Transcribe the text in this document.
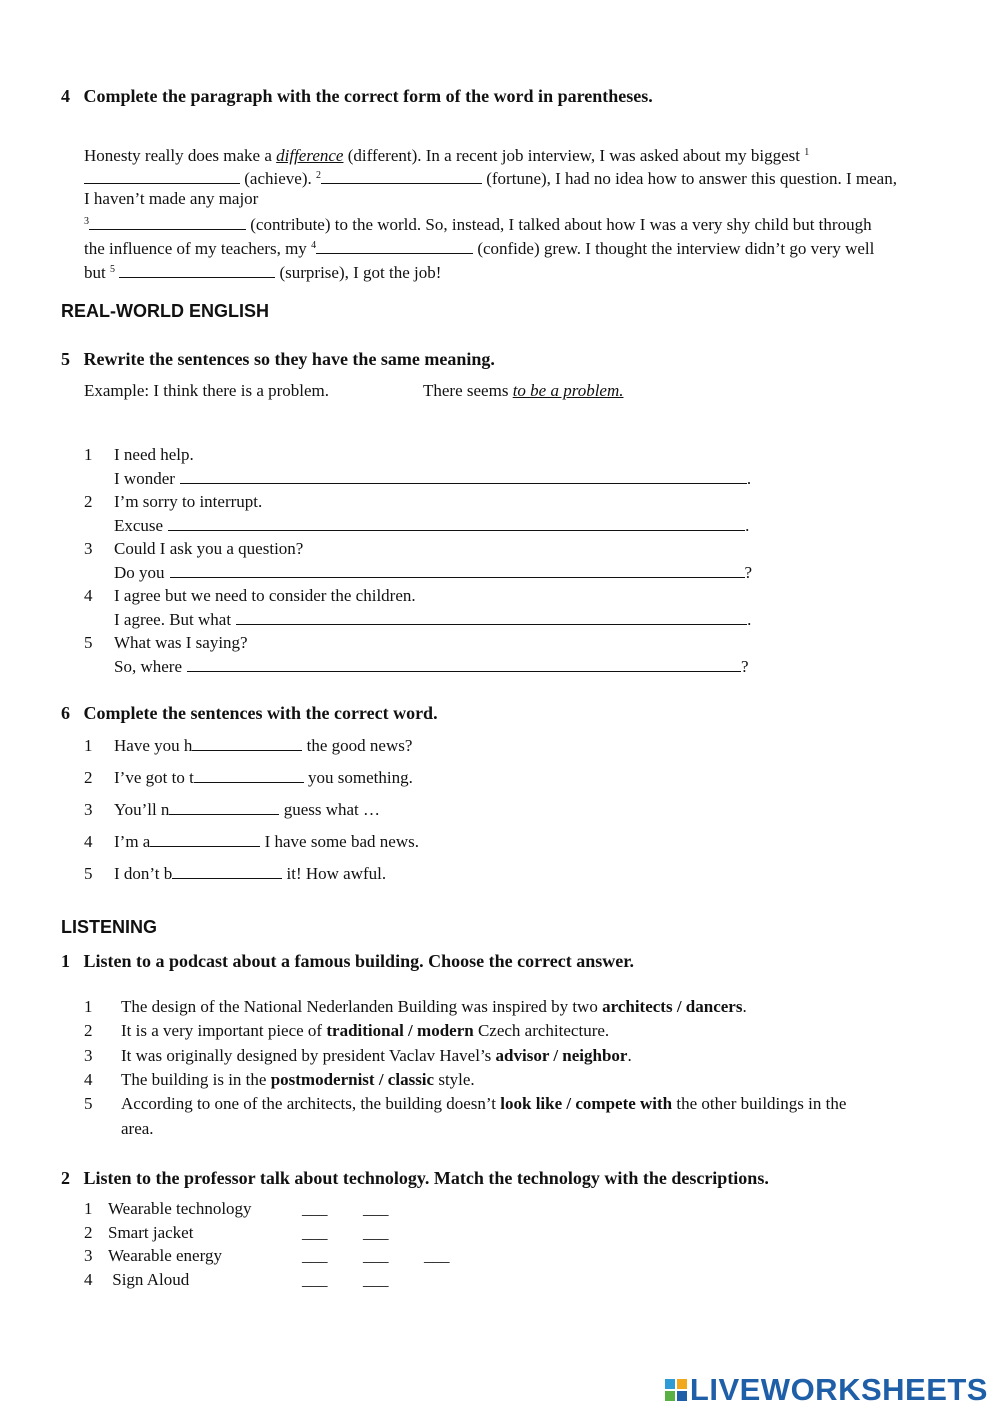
4 Complete the paragraph with the correct form of the word in parentheses.
Honesty really does make a difference (different). In a recent job interview, I was asked about my biggest $^1$
(achieve). $^2$	(fortune), I had no idea how to answer this question. I mean,
I haven’t made any major
$^3$	(contribute) to the world. So, instead, I talked about how I was a very shy child but through
the influence of my teachers, my $^4$	(confide) grew. I thought the interview didn’t go very well
but $^5$	(surprise), I got the job!
REAL-WORLD ENGLISH
5 Rewrite the sentences so they have the same meaning.
Example: I think there is a problem.	There seems to be a problem.
1 I need help.
I wonder	.
2 I’m sorry to interrupt.
Excuse	.
3 Could I ask you a question?
Do you	?
4 I agree but we need to consider the children.
I agree. But what	.
5 What was I saying?
So, where	?
6 Complete the sentences with the correct word.
1 Have you h	the good news?
2 I’ve got to t	you something.
3 You’ll n	guess what …
4 I’m a	I have some bad news.
5 I don’t b	it! How awful.
LISTENING
1 Listen to a podcast about a famous building. Choose the correct answer.
1 The design of the National Nederlanden Building was inspired by two architects / dancers.
2 It is a very important piece of traditional / modern Czech architecture.
3 It was originally designed by president Vaclav Havel’s advisor / neighbor.
4 The building is in the postmodernist / classic style.
5 According to one of the architects, the building doesn’t look like / compete with the other buildings in the
area.
2 Listen to the professor talk about technology. Match the technology with the descriptions.
1 Wearable technology	___ ___
2 Smart jacket	___ ___
3 Wearable energy	___ ___ ___
4 Sign Aloud	___ ___
LIVEWORKSHEETS
